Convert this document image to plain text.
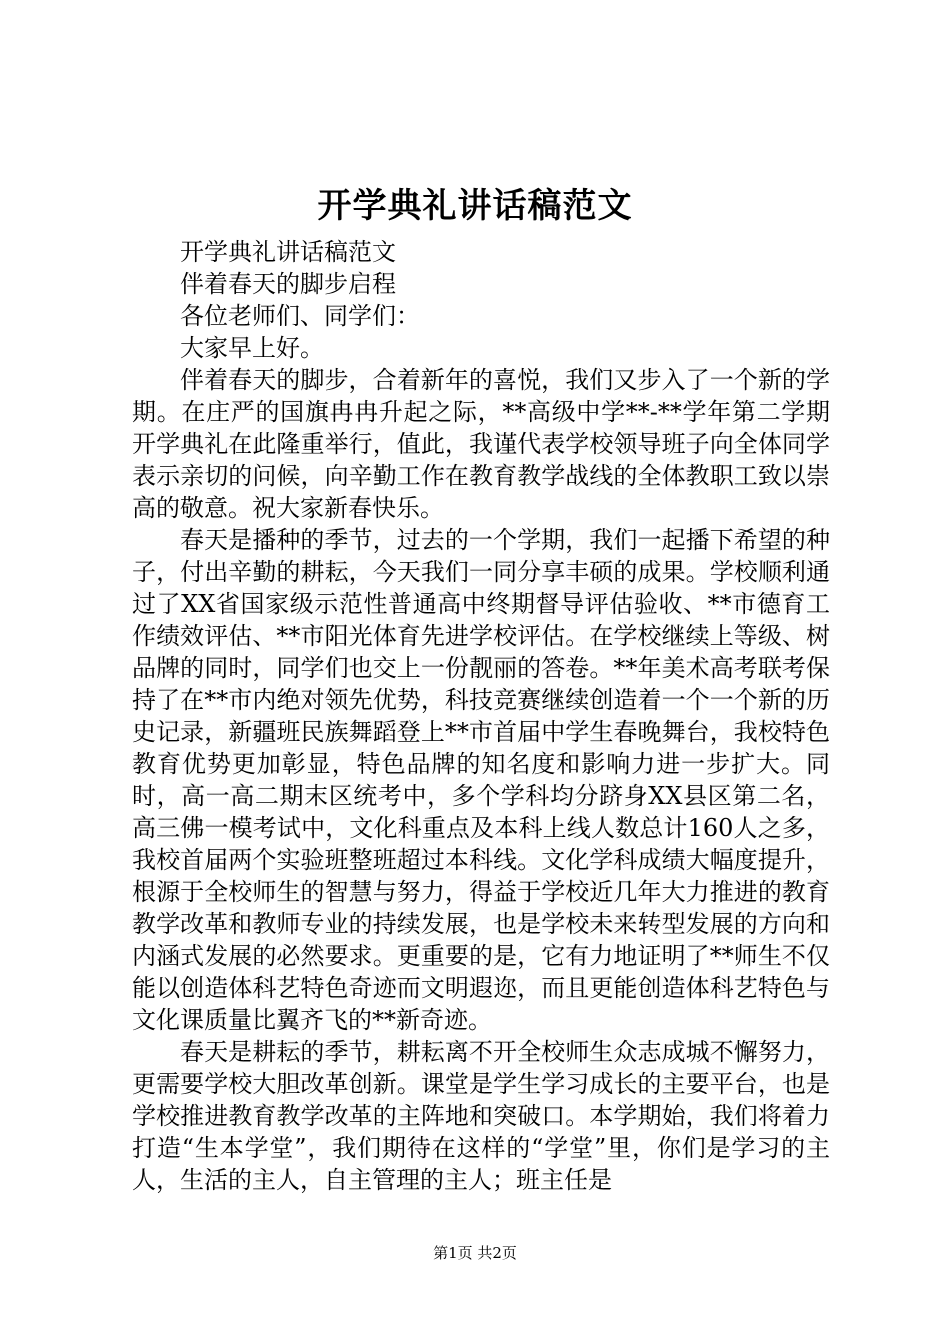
开学典礼讲话稿范文

开学典礼讲话稿范文

伴着春天的脚步启程

各位老师们、同学们：

大家早上好。

伴着春天的脚步，合着新年的喜悦，我们又步入了一个新的学期。在庄严的国旗冉冉升起之际，**高级中学**-**学年第二学期开学典礼在此隆重举行，值此，我谨代表学校领导班子向全体同学表示亲切的问候，向辛勤工作在教育教学战线的全体教职工致以崇高的敬意。祝大家新春快乐。

春天是播种的季节，过去的一个学期，我们一起播下希望的种子，付出辛勤的耕耘，今天我们一同分享丰硕的成果。学校顺利通过了XX省国家级示范性普通高中终期督导评估验收、**市德育工作绩效评估、**市阳光体育先进学校评估。在学校继续上等级、树品牌的同时，同学们也交上一份靓丽的答卷。**年美术高考联考保持了在**市内绝对领先优势，科技竞赛继续创造着一个一个新的历史记录，新疆班民族舞蹈登上**市首届中学生春晚舞台，我校特色教育优势更加彰显，特色品牌的知名度和影响力进一步扩大。同时，高一高二期末区统考中，多个学科均分跻身XX县区第二名，高三佛一模考试中，文化科重点及本科上线人数总计160人之多，我校首届两个实验班整班超过本科线。文化学科成绩大幅度提升，根源于全校师生的智慧与努力，得益于学校近几年大力推进的教育教学改革和教师专业的持续发展，也是学校未来转型发展的方向和内涵式发展的必然要求。更重要的是，它有力地证明了**师生不仅能以创造体科艺特色奇迹而文明遐迩，而且更能创造体科艺特色与文化课质量比翼齐飞的**新奇迹。

春天是耕耘的季节，耕耘离不开全校师生众志成城不懈努力，更需要学校大胆改革创新。课堂是学生学习成长的主要平台，也是学校推进教育教学改革的主阵地和突破口。本学期始，我们将着力打造“生本学堂”，我们期待在这样的“学堂”里，你们是学习的主人，生活的主人，自主管理的主人；班主任是

第1页 共2页
